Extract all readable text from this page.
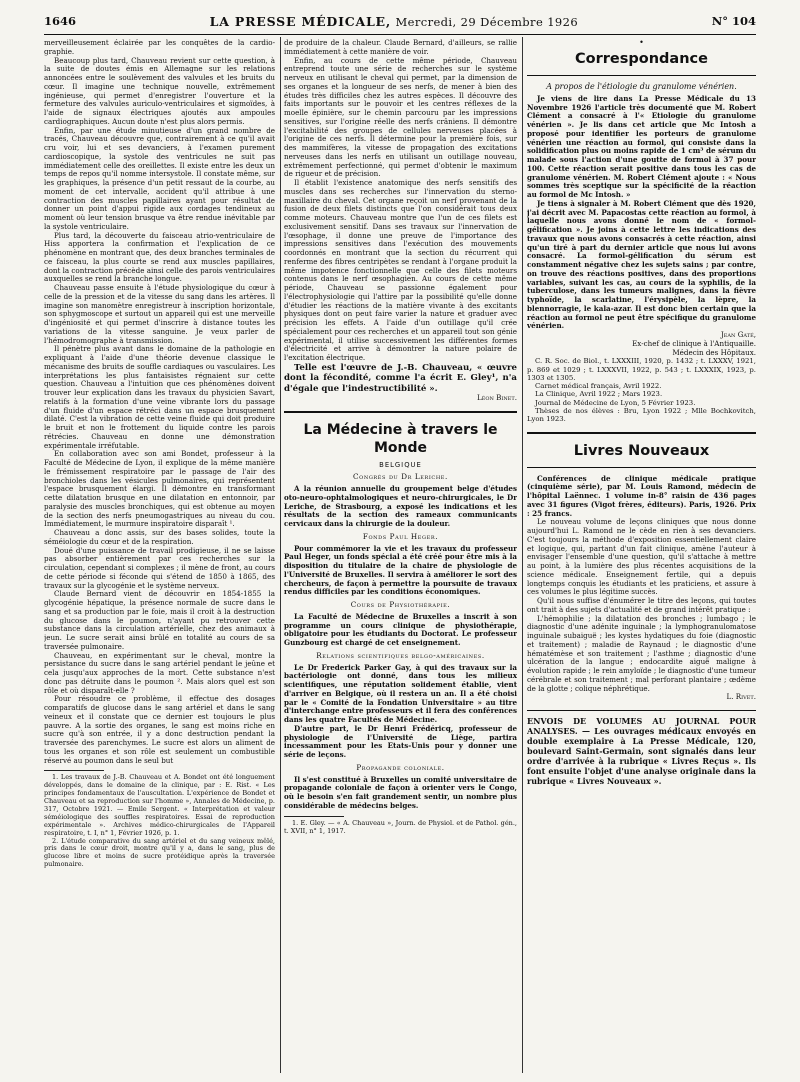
1646	LA PRESSE MÉDICALE, Mercredi, 29 Décembre 1926	N° 104

merveilleusement éclairée par les conquêtes de la cardio-graphie.

Beaucoup plus tard, Chauveau revient sur cette question, à la suite de doutes émis en Allemagne sur les relations annoncées entre le soulèvement des valvules et les bruits du cœur. Il imagine une technique nouvelle, extrêmement ingénieuse, qui permet d'enregistrer l'ouverture et la fermeture des valvules auriculo-ventriculaires et sigmoïdes, à l'aide de signaux électriques ajoutés aux ampoules cardiographiques. Aucun doute n'est plus alors permis.

Enfin, par une étude minutieuse d'un grand nombre de tracés, Chauveau découvre que, contrairement à ce qu'il avait cru voir, lui et ses devanciers, à l'examen purement cardioscopique, la systole des ventricules ne suit pas immédiatement celle des oreillettes. Il existe entre les deux un temps de repos qu'il nomme intersystole. Il constate même, sur les graphiques, la présence d'un petit ressaut de la courbe, au moment de cet intervalle, accident qu'il attribue à une contraction des muscles papillaires ayant pour résultat de donner un point d'appui rigide aux cordages tendineux au moment où leur tension brusque va être rendue inévitable par la systole ventriculaire.

Plus tard, la découverte du faisceau atrio-ventriculaire de Hiss apportera la confirmation et l'explication de ce phénomène en montrant que, des deux branches terminales de ce faisceau, la plus courte se rend aux muscles papillaires, dont la contraction précède ainsi celle des parois ventriculaires auxquelles se rend la branche longue.

Chauveau passe ensuite à l'étude physiologique du cœur à celle de la pression et de la vitesse du sang dans les artères. Il imagine son manomètre enregistreur à inscription horizontale, son sphygmoscope et surtout un appareil qui est une merveille d'ingéniosité et qui permet d'inscrire à distance toutes les variations de la vitesse sanguine. Je veux parler de l'hémodromographe à transmission.

Il pénètre plus avant dans le domaine de la pathologie en expliquant à l'aide d'une théorie devenue classique le mécanisme des bruits de souffle cardiaques ou vasculaires. Les interprétations les plus fantaisistes régnaient sur cette question. Chauveau a l'intuition que ces phénomènes doivent trouver leur explication dans les travaux du physicien Savart, relatifs à la formation d'une veine vibrante lors du passage d'un fluide d'un espace rétréci dans un espace brusquement dilaté. C'est la vibration de cette veine fluide qui doit produire le bruit et non le frottement du liquide contre les parois rétrécies. Chauveau en donne une démonstration expérimentale irréfutable.

En collaboration avec son ami Bondet, professeur à la Faculté de Médecine de Lyon, il explique de la même manière le frémissement respiratoire par le passage de l'air des bronchioles dans les vésicules pulmonaires, qui représentent l'espace brusquement élargi. Il démontre en transformant cette dilatation brusque en une dilatation en entonnoir, par paralysie des muscles bronchiques, qui est obtenue au moyen de la section des nerfs pneumogastriques au niveau du cou. Immédiatement, le murmure inspiratoire disparaît ¹.

Chauveau a donc assis, sur des bases solides, toute la séméiologie du cœur et de la respiration.

Doué d'une puissance de travail prodigieuse, il ne se laisse pas absorber entièrement par ces recherches sur la circulation, cependant si complexes ; il mène de front, au cours de cette période si féconde qui s'étend de 1850 à 1865, des travaux sur la glycogénie et le système nerveux.

Claude Bernard vient de découvrir en 1854-1855 la glycogénie hépatique, la présence normale de sucre dans le sang et sa production par le foie, mais il croit à la destruction du glucose dans le poumon, n'ayant pu retrouver cette substance dans la circulation artérielle, chez des animaux à jeun. Le sucre serait ainsi brûlé en totalité au cours de sa traversée pulmonaire.

Chauveau, en expérimentant sur le cheval, montre la persistance du sucre dans le sang artériel pendant le jeûne et cela jusqu'aux approches de la mort. Cette substance n'est donc pas détruite dans le poumon ². Mais alors quel est son rôle et où disparaît-elle ?

Pour résoudre ce problème, il effectue des dosages comparatifs de glucose dans le sang artériel et dans le sang veineux et il constate que ce dernier est toujours le plus pauvre. A la sortie des organes, le sang est moins riche en sucre qu'à son entrée, il y a donc destruction pendant la traversée des parenchymes. Le sucre est alors un aliment de tous les organes et son rôle est seulement un combustible réservé au poumon dans le seul but

1. Les travaux de J.-B. Chauveau et A. Bondet ont été longuement développés, dans le domaine de la clinique, par : E. Rist. « Les principes fondamentaux de l'auscultation. L'expérience de Bondet et Chauveau et sa reproduction sur l'homme », Annales de Médecine, p. 317, Octobre 1921. — Emile Sergent. « Interprétation et valeur séméiologique des souffles respiratoires. Essai de reproduction expérimentale ». Archives médico-chirurgicales de l'Appareil respiratoire, t. I, n° 1, Février 1926, p. 1.

2. L'étude comparative du sang artériel et du sang veineux mêlé, pris dans le cœur droit, montre qu'il y a, dans le sang, plus de glucose libre et moins de sucre protéidique après la traversée pulmonaire.

de produire de la chaleur. Claude Bernard, d'ailleurs, se rallie immédiatement à cette manière de voir.

Enfin, au cours de cette même période, Chauveau entreprend toute une série de recherches sur le système nerveux en utilisant le cheval qui permet, par la dimension de ses organes et la longueur de ses nerfs, de mener à bien des études très difficiles chez les autres espèces. Il découvre des faits importants sur le pouvoir et les centres réflexes de la moelle épinière, sur le chemin parcouru par les impressions sensitives, sur l'origine réelle des nerfs crâniens. Il démontre l'excitabilité des groupes de cellules nerveuses placées à l'origine de ces nerfs. Il détermine pour la première fois, sur des mammifères, la vitesse de propagation des excitations nerveuses dans les nerfs en utilisant un outillage nouveau, extrêmement perfectionné, qui permet d'obtenir le maximum de rigueur et de précision.

Il établit l'existence anatomique des nerfs sensitifs des muscles dans ses recherches sur l'innervation du sterno-maxillaire du cheval. Cet organe reçoit un nerf provenant de la fusion de deux filets distincts que l'on considérait tous deux comme moteurs. Chauveau montre que l'un de ces filets est exclusivement sensitif. Dans ses travaux sur l'innervation de l'œsophage, il donne une preuve de l'importance des impressions sensitives dans l'exécution des mouvements coordonnés en montrant que la section du récurrent qui renferme des fibres centripètes se rendant à l'organe produit la même impotence fonctionnelle que celle des filets moteurs contenus dans le nerf œsophagien. Au cours de cette même période, Chauveau se passionne également pour l'électrophysiologie qui l'attire par la possibilité qu'elle donne d'étudier les réactions de la matière vivante à des excitants physiques dont on peut faire varier la nature et graduer avec précision les effets. A l'aide d'un outillage qu'il crée spécialement pour ces recherches et un appareil tout son génie expérimental, il utilise successivement les différentes formes d'électricité et arrive à démontrer la nature polaire de l'excitation électrique.

Telle est l'œuvre de J.-B. Chauveau, « œuvre dont la fécondité, comme l'a écrit E. Gley¹, n'a d'égale que l'indestructibilité ».

Léon Binet.

La Médecine à travers le Monde
BELGIQUE
Congrès du Dr Leriche.

A la réunion annuelle du groupement belge d'études oto-neuro-ophtalmologiques et neuro-chirurgicales, le Dr Leriche, de Strasbourg, a exposé les indications et les résultats de la section des rameaux communicants cervicaux dans la chirurgie de la douleur.

Fonds Paul Heger.

Pour commémorer la vie et les travaux du professeur Paul Heger, un fonds spécial a été créé pour être mis à la disposition du titulaire de la chaire de physiologie de l'Université de Bruxelles. Il servira à améliorer le sort des chercheurs, de façon à permettre la poursuite de travaux rendus difficiles par les conditions économiques.

Cours de Physiothérapie.

La Faculté de Médecine de Bruxelles a inscrit à son programme un cours clinique de physiothérapie, obligatoire pour les étudiants du Doctorat. Le professeur Gunzbourg est chargé de cet enseignement.

Relations scientifiques belgo-américaines.

Le Dr Frederick Parker Gay, à qui des travaux sur la bactériologie ont donné, dans tous les milieux scientifiques, une réputation solidement établie, vient d'arriver en Belgique, où il restera un an. Il a été choisi par le « Comité de la Fondation Universitaire » au titre d'interchange entre professeurs et il fera des conférences dans les quatre Facultés de Médecine.

D'autre part, le Dr Henri Frédéricq, professeur de physiologie de l'Université de Liège, partira incessamment pour les Etats-Unis pour y donner une série de leçons.

Propagande coloniale.

Il s'est constitué à Bruxelles un comité universitaire de propagande coloniale de façon à orienter vers le Congo, où le besoin s'en fait grandement sentir, un nombre plus considérable de médecins belges.

1. E. Gley. — « A. Chauveau », Journ. de Physiol. et de Pathol. gén., t. XVII, n° 1, 1917.

•
Correspondance
A propos de l'étiologie du granulome vénérien.

Je viens de lire dans La Presse Médicale du 13 Novembre 1926 l'article très documenté que M. Robert Clément a consacré à l'« Etiologie du granulome vénérien ». Je lis dans cet article que Mc Intosh a proposé pour identifier les porteurs de granulome vénérien une réaction au formol, qui consiste dans la solidification plus ou moins rapide de 1 cm³ de sérum du malade sous l'action d'une goutte de formol à 37 pour 100. Cette réaction serait positive dans tous les cas de granulome vénérien. M. Robert Clément ajoute : « Nous sommes très sceptique sur la spécificité de la réaction au formol de Mc Intosh. »

Je tiens à signaler à M. Robert Clément que dès 1920, j'ai décrit avec M. Papacostas cette réaction au formol, à laquelle nous avons donné le nom de « formol-gélification ». Je joins à cette lettre les indications des travaux que nous avons consacrés à cette réaction, ainsi qu'un tiré à part du dernier article que nous lui avons consacré. La formol-gélification du sérum est constamment négative chez les sujets sains ; par contre, on trouve des réactions positives, dans des proportions variables, suivant les cas, au cours de la syphilis, de la tuberculose, dans les tumeurs malignes, dans la fièvre typhoïde, la scarlatine, l'érysipèle, la lèpre, la blennorragie, le kala-azar. Il est donc bien certain que la réaction au formol ne peut être spécifique du granulome vénérien.

Jean Gaté,

Ex-chef de clinique à l'Antiquaille.

Médecin des Hôpitaux.

C. R. Soc. de Biol., t. LXXXIII, 1920, p. 1432 ; t. LXXXV, 1921, p. 869 et 1029 ; t. LXXXVII, 1922, p. 543 ; t. LXXXIX, 1923, p. 1303 et 1305.

Carnet médical français, Avril 1922.

La Clinique, Avril 1922 ; Mars 1923.

Journal de Médecine de Lyon, 5 Février 1923.

Thèses de nos élèves : Bru, Lyon 1922 ; Mlle Bochkovitch, Lyon 1923.

Livres Nouveaux

Conférences de clinique médicale pratique (cinquième série), par M. Louis Ramond, médecin de l'hôpital Laënnec. 1 volume in-8° raisin de 436 pages avec 31 figures (Vigot frères, éditeurs). Paris, 1926. Prix : 25 francs.

Le nouveau volume de leçons cliniques que nous donne aujourd'hui L. Ramond ne le cède en rien à ses devanciers. C'est toujours la méthode d'exposition essentiellement claire et logique, qui, partant d'un fait clinique, amène l'auteur à envisager l'ensemble d'une question, qu'il s'attache à mettre au point, à la lumière des plus récentes acquisitions de la science médicale. Enseignement fertile, qui a depuis longtemps conquis les étudiants et les praticiens, et assure à ces volumes le plus légitime succès.

Qu'il nous suffise d'énumérer le titre des leçons, qui toutes ont trait à des sujets d'actualité et de grand intérêt pratique :

L'hémophilie ; la dilatation des bronches ; lumbago ; le diagnostic d'une adénite inguinale ; la lymphogranulomatose inguinale subaiguë ; les kystes hydatiques du foie (diagnostic et traitement) ; maladie de Raynaud ; le diagnostic d'une hématémèse et son traitement ; l'asthme ; diagnostic d'une ulcération de la langue ; endocardite aiguë maligne à évolution rapide ; le rein amyloïde ; le diagnostic d'une tumeur cérébrale et son traitement ; mal perforant plantaire ; œdème de la glotte ; colique néphrétique.

L. Rivet.

ENVOIS DE VOLUMES AU JOURNAL POUR ANALYSES. — Les ouvrages médicaux envoyés en double exemplaire à La Presse Médicale, 120, boulevard Saint-Germain, sont signalés dans leur ordre d'arrivée à la rubrique « Livres Reçus ». Ils font ensuite l'objet d'une analyse originale dans la rubrique « Livres Nouveaux ».
